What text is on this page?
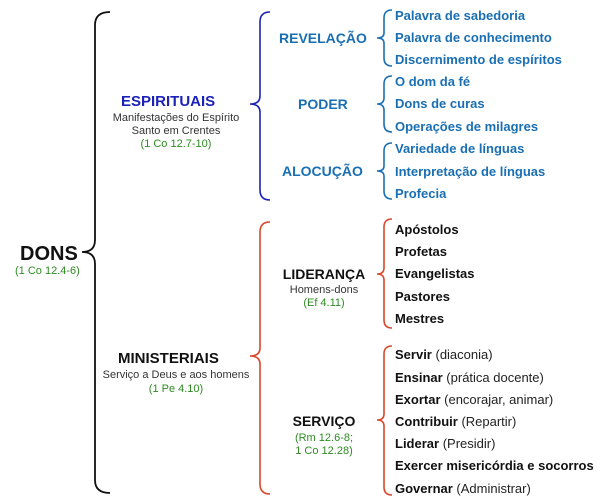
DONS
(1 Co 12.4-6)
ESPIRITUAIS
Manifestações do Espírito
Santo em Crentes
(1 Co 12.7-10)
REVELAÇÃO
PODER
ALOCUÇÃO
Palavra de sabedoria
Palavra de conhecimento
Discernimento de espíritos
O dom da fé
Dons de curas
Operações de milagres
Variedade de línguas
Interpretação de línguas
Profecia
MINISTERIAIS
Serviço a Deus e aos homens
(1 Pe 4.10)
LIDERANÇA
Homens-dons
(Ef 4.11)
Apóstolos
Profetas
Evangelistas
Pastores
Mestres
SERVIÇO
(Rm 12.6-8;
1 Co 12.28)
Servir (diaconia)
Ensinar (prática docente)
Exortar (encorajar, animar)
Contribuir (Repartir)
Liderar (Presidir)
Exercer misericórdia e socorros
Governar (Administrar)
